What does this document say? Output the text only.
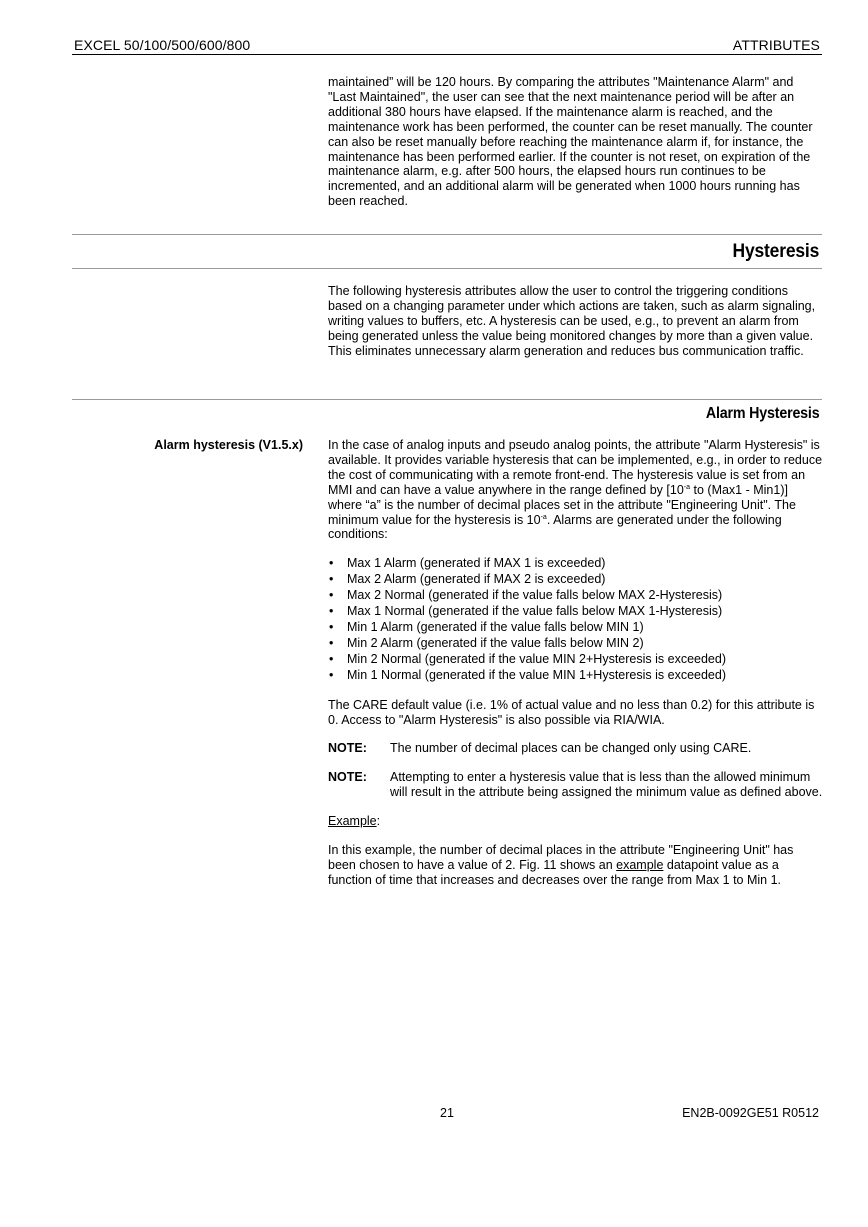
EXCEL 50/100/500/600/800	ATTRIBUTES

maintained” will be 120 hours. By comparing the attributes "Maintenance Alarm" and "Last Maintained", the user can see that the next maintenance period will be after an additional 380 hours have elapsed. If the maintenance alarm is reached, and the maintenance work has been performed, the counter can be reset manually. The counter can also be reset manually before reaching the maintenance alarm if, for instance, the maintenance has been performed earlier. If the counter is not reset, on expiration of the maintenance alarm, e.g. after 500 hours, the elapsed hours run continues to be incremented, and an additional alarm will be generated when 1000 hours running has been reached.

Hysteresis

The following hysteresis attributes allow the user to control the triggering conditions based on a changing parameter under which actions are taken, such as alarm signaling, writing values to buffers, etc. A hysteresis can be used, e.g., to prevent an alarm from being generated unless the value being monitored changes by more than a given value. This eliminates unnecessary alarm generation and reduces bus communication traffic.

Alarm Hysteresis
Alarm hysteresis (V1.5.x) In the case of analog inputs and pseudo analog points, the attribute "Alarm Hysteresis" is available. It provides variable hysteresis that can be implemented, e.g., in order to reduce the cost of communicating with a remote front-end. The hysteresis value is set from an MMI and can have a value anywhere in the range defined by [$10^{-a}$ to (Max1 - Min1)] where “a” is the number of decimal places set in the attribute "Engineering Unit". The minimum value for the hysteresis is $10^{-a}$. Alarms are generated under the following conditions:

• Max 1 Alarm (generated if MAX 1 is exceeded)
• Max 2 Alarm (generated if MAX 2 is exceeded)
• Max 2 Normal (generated if the value falls below MAX 2-Hysteresis)
• Max 1 Normal (generated if the value falls below MAX 1-Hysteresis)
• Min 1 Alarm (generated if the value falls below MIN 1)
• Min 2 Alarm (generated if the value falls below MIN 2)
• Min 2 Normal (generated if the value MIN 2+Hysteresis is exceeded)
• Min 1 Normal (generated if the value MIN 1+Hysteresis is exceeded)

The CARE default value (i.e. 1% of actual value and no less than 0.2) for this attribute is 0. Access to "Alarm Hysteresis" is also possible via RIA/WIA.

NOTE:	The number of decimal places can be changed only using CARE.
NOTE:	Attempting to enter a hysteresis value that is less than the allowed minimum will result in the attribute being assigned the minimum value as defined above.

Example:

In this example, the number of decimal places in the attribute "Engineering Unit" has been chosen to have a value of 2. Fig. 11 shows an example datapoint value as a function of time that increases and decreases over the range from Max 1 to Min 1.

21	EN2B-0092GE51 R0512
